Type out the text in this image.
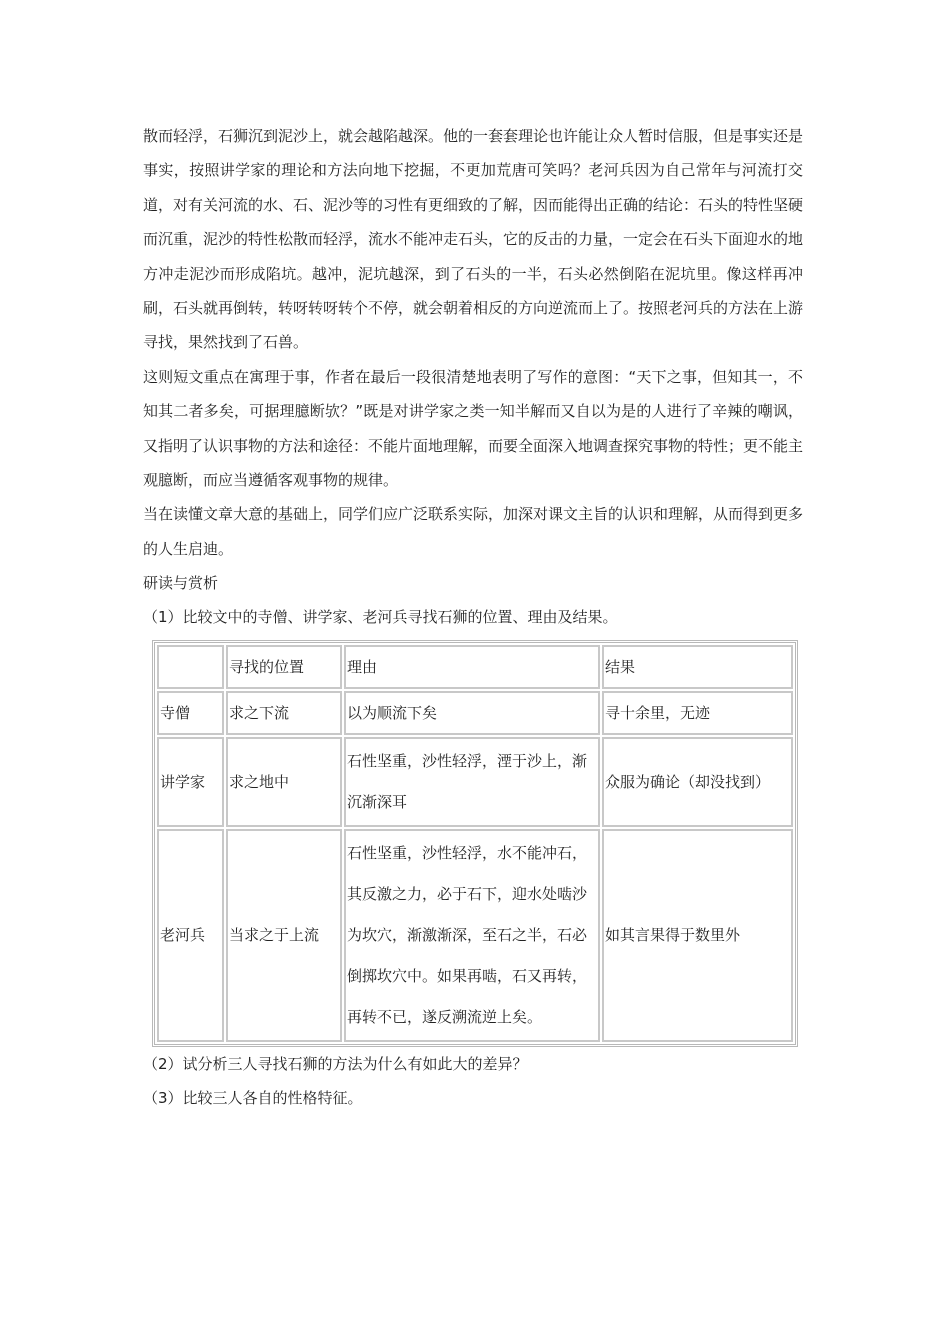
散而轻浮，石狮沉到泥沙上，就会越陷越深。他的一套套理论也许能让众人暂时信服，但是事实还是事实，按照讲学家的理论和方法向地下挖掘，不更加荒唐可笑吗？老河兵因为自己常年与河流打交道，对有关河流的水、石、泥沙等的习性有更细致的了解，因而能得出正确的结论：石头的特性坚硬而沉重，泥沙的特性松散而轻浮，流水不能冲走石头，它的反击的力量，一定会在石头下面迎水的地方冲走泥沙而形成陷坑。越冲，泥坑越深，到了石头的一半，石头必然倒陷在泥坑里。像这样再冲刷，石头就再倒转，转呀转呀转个不停，就会朝着相反的方向逆流而上了。按照老河兵的方法在上游寻找，果然找到了石兽。

这则短文重点在寓理于事，作者在最后一段很清楚地表明了写作的意图：“天下之事，但知其一，不知其二者多矣，可据理臆断欤？”既是对讲学家之类一知半解而又自以为是的人进行了辛辣的嘲讽，又指明了认识事物的方法和途径：不能片面地理解，而要全面深入地调查探究事物的特性；更不能主观臆断，而应当遵循客观事物的规律。

当在读懂文章大意的基础上，同学们应广泛联系实际，加深对课文主旨的认识和理解，从而得到更多的人生启迪。

研读与赏析

（1）比较文中的寺僧、讲学家、老河兵寻找石狮的位置、理由及结果。

	寻找的位置	理由	结果
寺僧	求之下流	以为顺流下矣	寻十余里，无迹
讲学家	求之地中	石性坚重，沙性轻浮，湮于沙上，渐沉渐深耳	众服为确论（却没找到）
老河兵	当求之于上流	石性坚重，沙性轻浮，水不能冲石，其反激之力，必于石下，迎水处啮沙为坎穴，渐激渐深，至石之半，石必倒掷坎穴中。如果再啮，石又再转，再转不已，遂反溯流逆上矣。	如其言果得于数里外

（2）试分析三人寻找石狮的方法为什么有如此大的差异？

（3）比较三人各自的性格特征。
